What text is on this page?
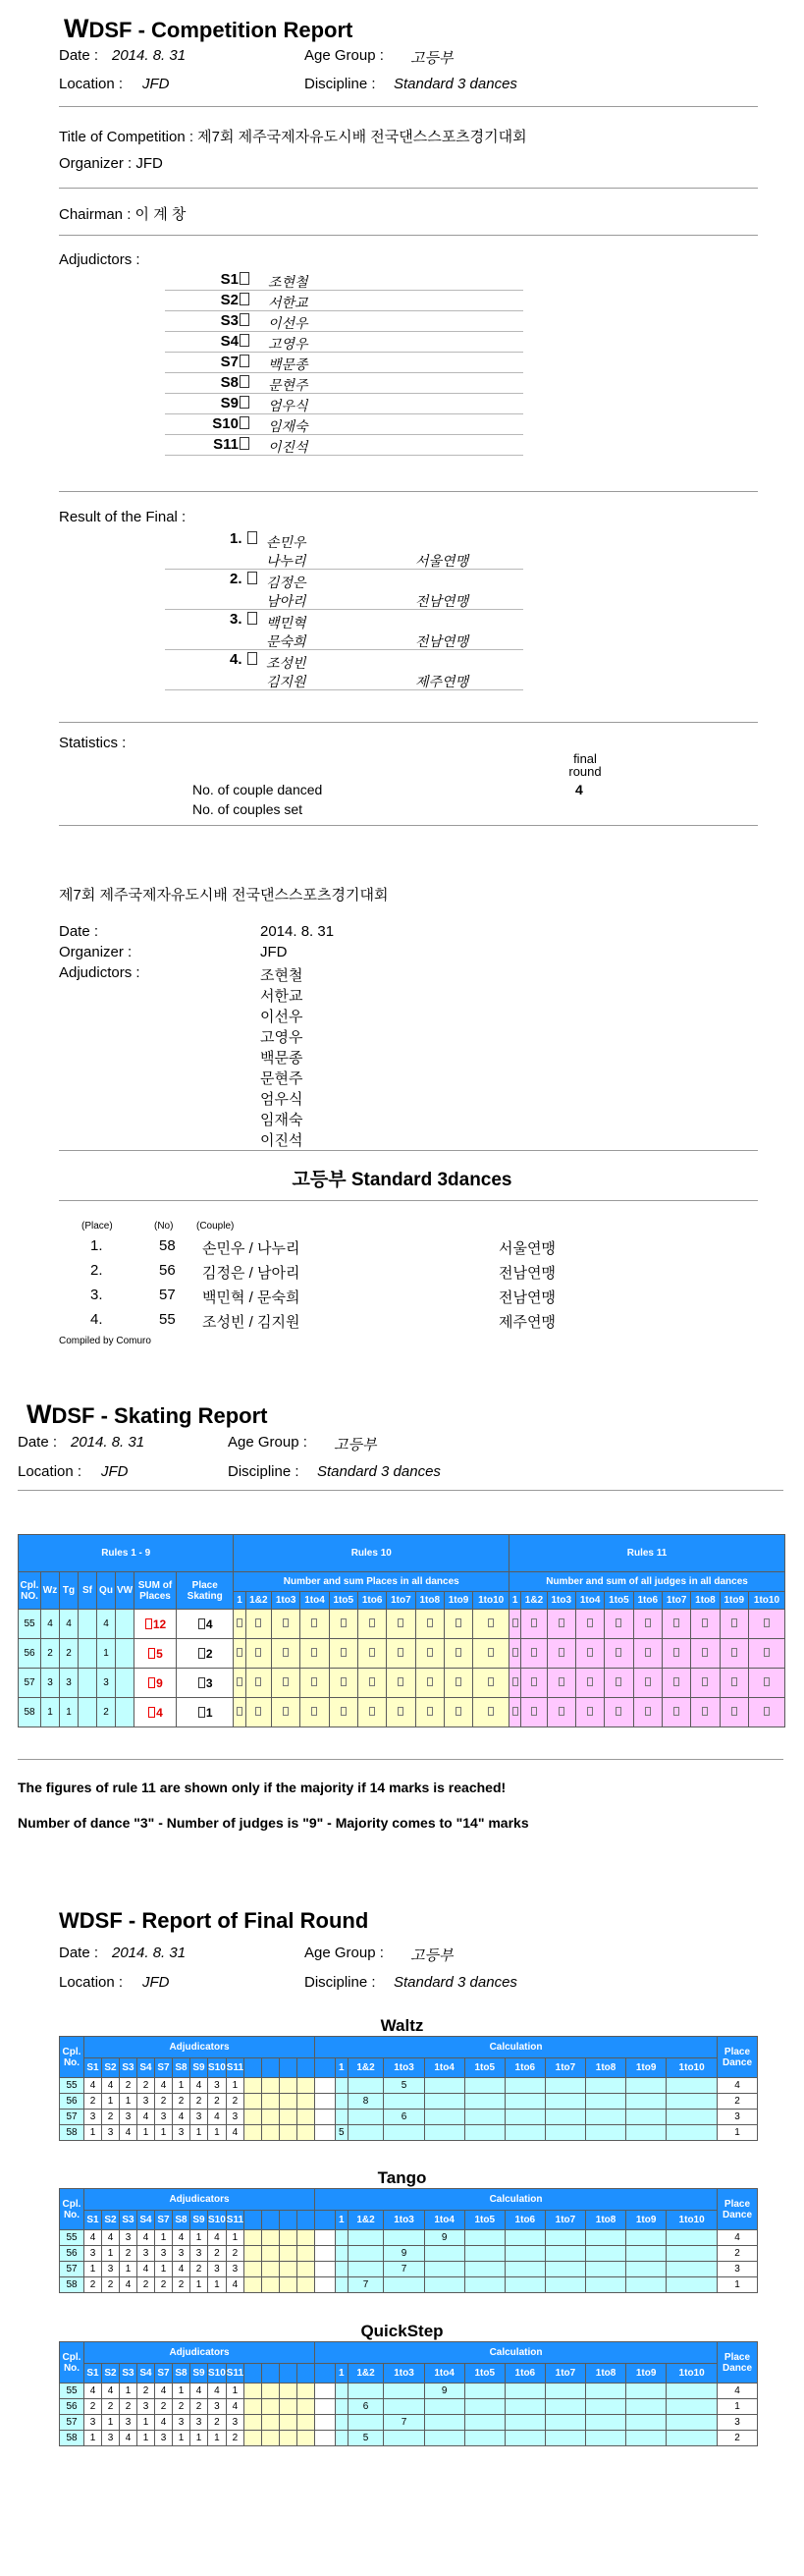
WDSF - Competition Report
Date : 2014. 8. 31	Age Group : 고등부
Location : JFD	Discipline : Standard 3 dances
Title of Competition : 제7회 제주국제자유도시배 전국댄스스포츠경기대회
Organizer : JFD
Chairman : 이 계 창
Adjudictors :
S1	조현철
S2	서한교
S3	이선우
S4	고영우
S7	백문종
S8	문현주
S9	엄우식
S10	임재숙
S11	이진석
Result of the Final :
1.	손민우
나누리	서울연맹
2.	김정은
남아리	전남연맹
3.	백민혁
문숙희	전남연맹
4.	조성빈
김지원	제주연맹
Statistics :
final round
No. of couple danced	4
No. of couples set
제7회 제주국제자유도시배 전국댄스스포츠경기대회
Date :	2014. 8. 31
Organizer :	JFD
Adjudictors :	조현철
서한교
이선우
고영우
백문종
문현주
엄우식
임재숙
이진석
고등부 Standard 3dances
(Place)	(No) (Couple)
1.	58 손민우 / 나누리	서울연맹
2.	56 김정은 / 남아리	전남연맹
3.	57 백민혁 / 문숙희	전남연맹
4.	55 조성빈 / 김지원	제주연맹
Compiled by Comuro
WDSF - Skating Report
Date : 2014. 8. 31	Age Group : 고등부
Location : JFD	Discipline : Standard 3 dances
Rules 1 - 9								Rules 10										Rules 11									
Cpl. NO.	Wz	Tg	Sf	Qu	VW	SUM of Places	Place Skating	Number and sum Places in all dances										Number and sum of all judges in all dances									
								1	1&2	1to3	1to4	1to5	1to6	1to7	1to8	1to9	1to10	1	1&2	1to3	1to4	1to5	1to6	1to7	1to8	1to9	1to10
55	4	4		4		12	4																				
56	2	2		1		5	2																				
57	3	3		3		9	3																				
58	1	1		2		4	1																				
The figures of rule 11 are shown only if the majority if 14 marks is reached!
Number of dance "3" - Number of judges is "9" - Majority comes to "14" marks
WDSF - Report of Final Round
Date : 2014. 8. 31	Age Group : 고등부
Location : JFD	Discipline : Standard 3 dances
Waltz
Cpl. No.	Adjudicators													Calculation											Place Dance
	S1	S2	S3	S4	S7	S8	S9	S10	S11						1	1&2	1to3	1to4	1to5	1to6	1to7	1to8	1to9	1to10	
55	4	4	2	2	4	1	4	3	1								5								4
56	2	1	1	3	2	2	2	2	2							8									2
57	3	2	3	4	3	4	3	4	3								6								3
58	1	3	4	1	1	3	1	1	4						5										1
Tango
Cpl. No.	Adjudicators													Calculation											Place Dance
	S1	S2	S3	S4	S7	S8	S9	S10	S11						1	1&2	1to3	1to4	1to5	1to6	1to7	1to8	1to9	1to10	
55	4	4	3	4	1	4	1	4	1									9							4
56	3	1	2	3	3	3	3	2	2								9								2
57	1	3	1	4	1	4	2	3	3								7								3
58	2	2	4	2	2	2	1	1	4							7									1
QuickStep
Cpl. No.	Adjudicators													Calculation											Place Dance
	S1	S2	S3	S4	S7	S8	S9	S10	S11						1	1&2	1to3	1to4	1to5	1to6	1to7	1to8	1to9	1to10	
55	4	4	1	2	4	1	4	4	1									9							4
56	2	2	2	3	2	2	2	3	4							6									1
57	3	1	3	1	4	3	3	2	3								7								3
58	1	3	4	1	3	1	1	1	2							5									2
